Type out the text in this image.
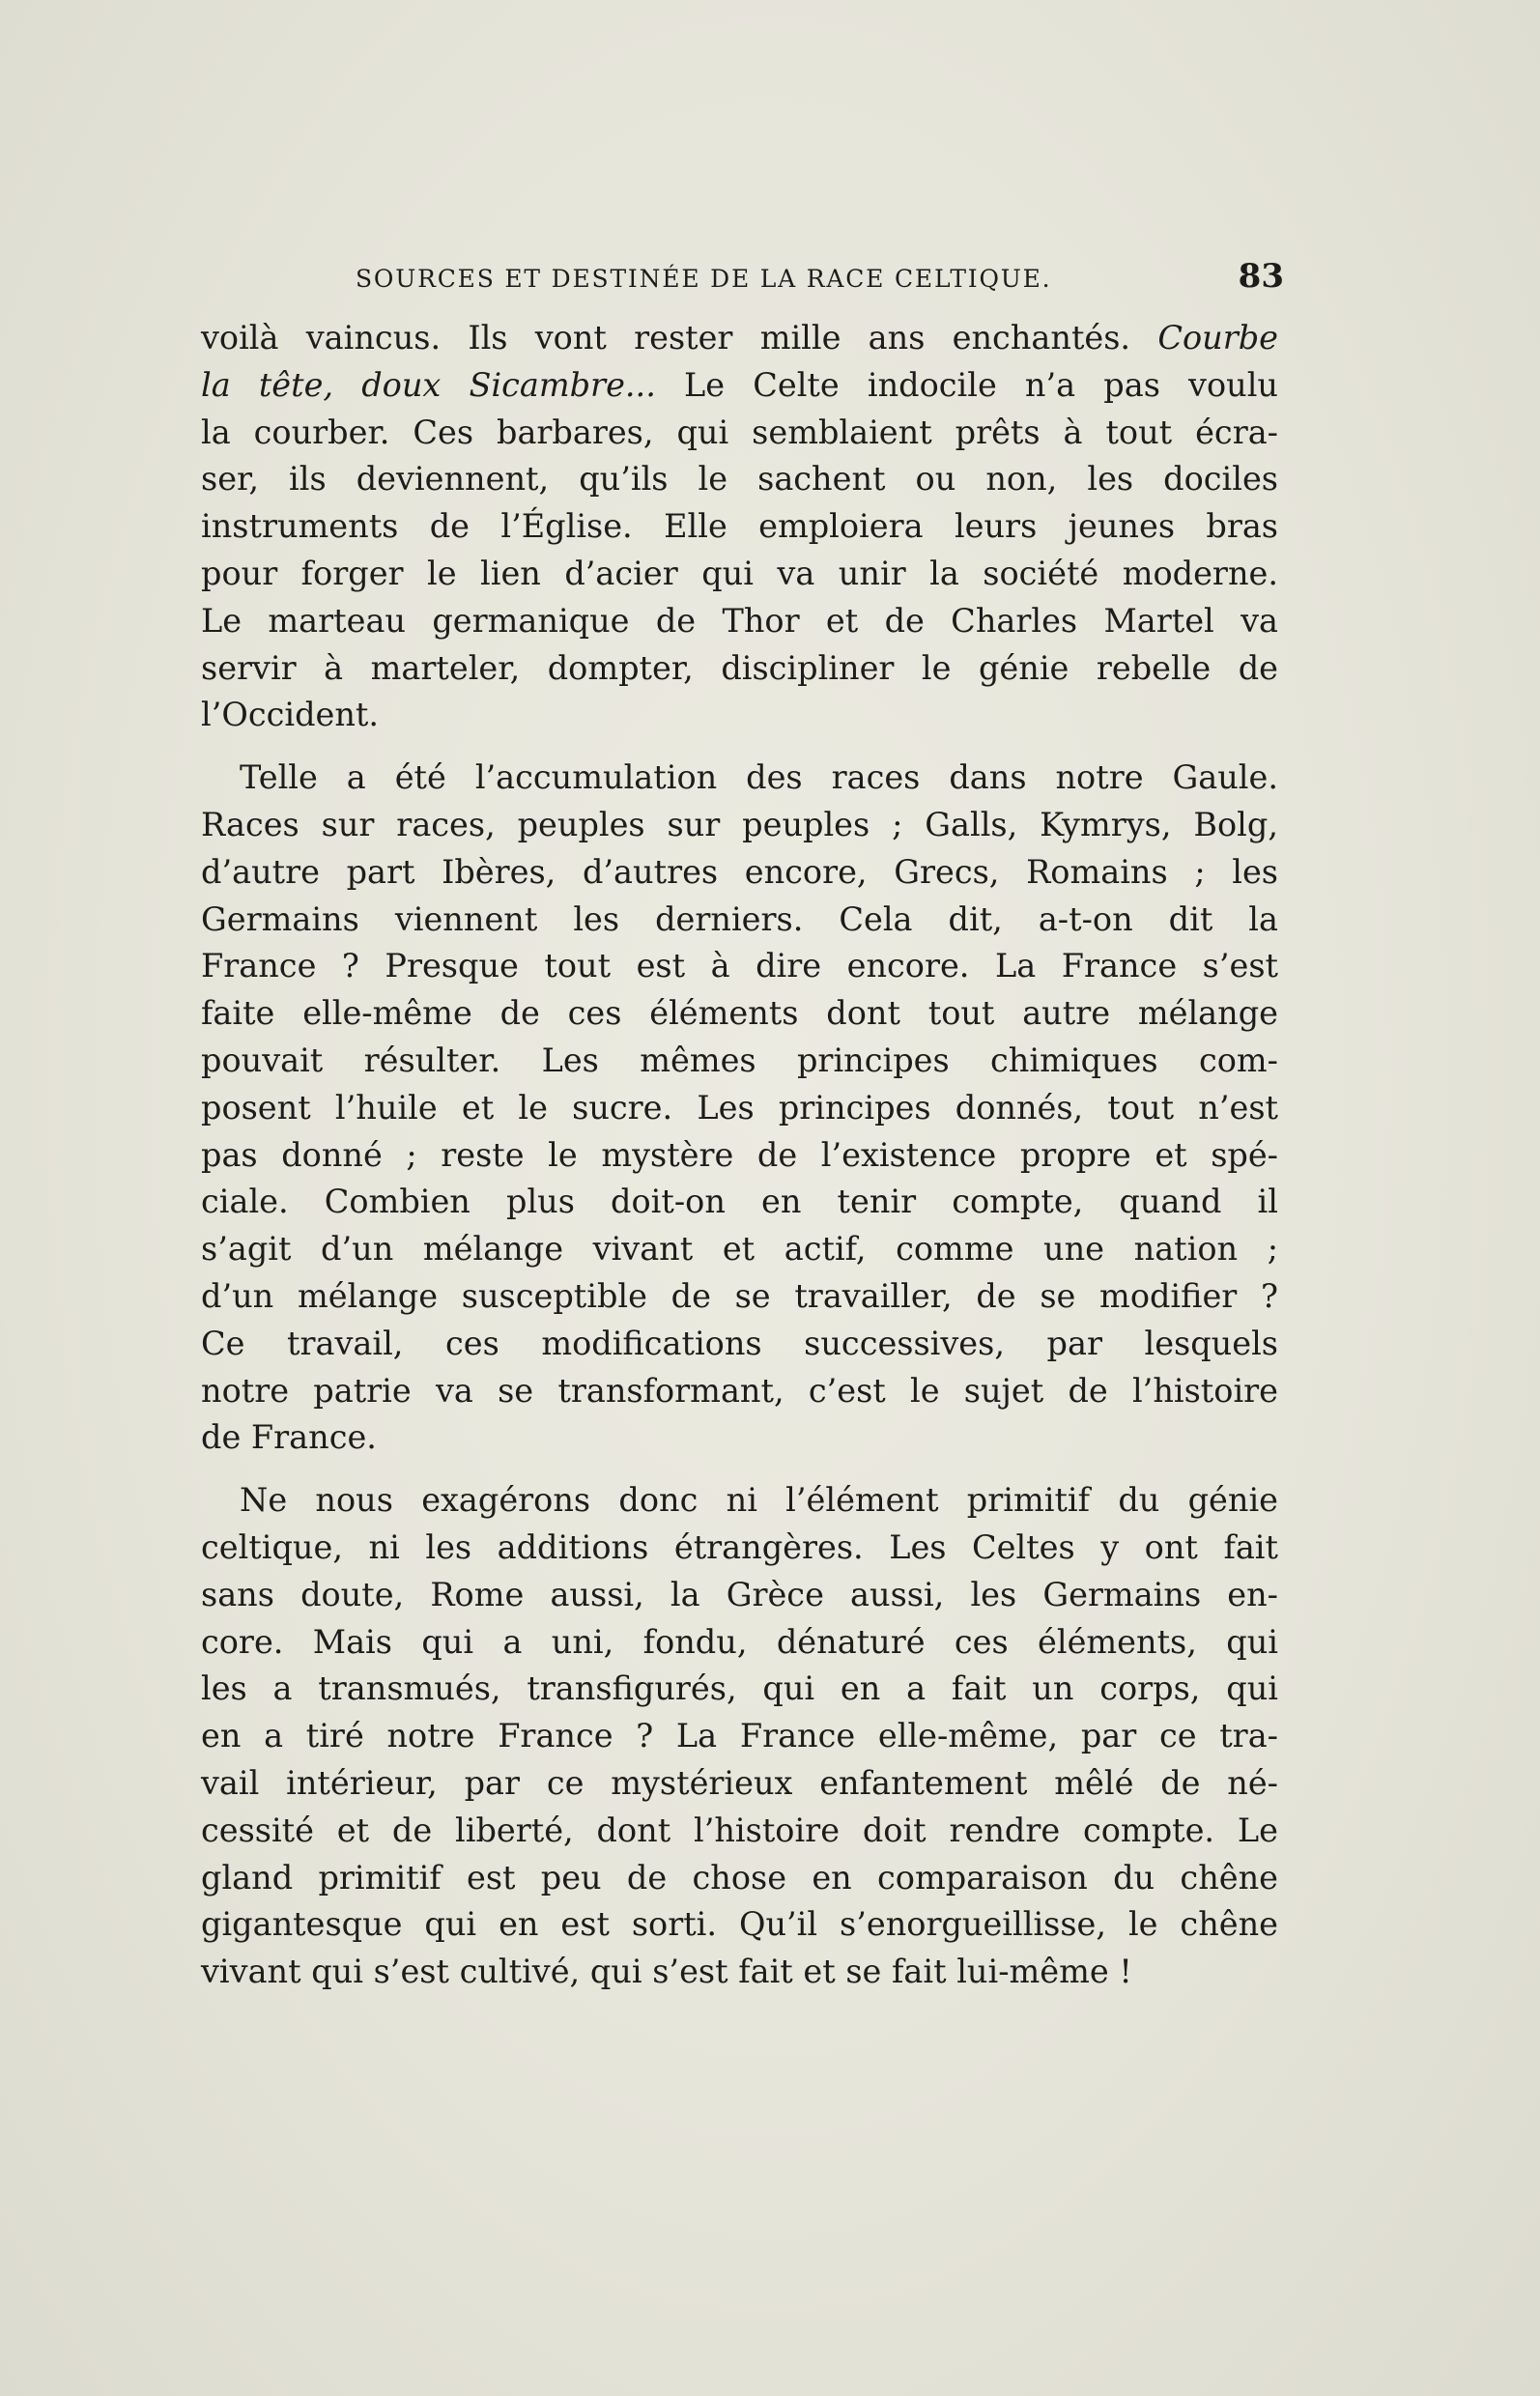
SOURCES ET DESTINÉE DE LA RACE CELTIQUE.	83
voilà vaincus. Ils vont rester mille ans enchantés. Courbe
la tête, doux Sicambre... Le Celte indocile n’a pas voulu
la courber. Ces barbares, qui semblaient prêts à tout écra-
ser, ils deviennent, qu’ils le sachent ou non, les dociles
instruments de l’Église. Elle emploiera leurs jeunes bras
pour forger le lien d’acier qui va unir la société moderne.
Le marteau germanique de Thor et de Charles Martel va
servir à marteler, dompter, discipliner le génie rebelle de
l’Occident.
Telle a été l’accumulation des races dans notre Gaule.
Races sur races, peuples sur peuples ; Galls, Kymrys, Bolg,
d’autre part Ibères, d’autres encore, Grecs, Romains ; les
Germains viennent les derniers. Cela dit, a-t-on dit la
France ? Presque tout est à dire encore. La France s’est
faite elle-même de ces éléments dont tout autre mélange
pouvait résulter. Les mêmes principes chimiques com-
posent l’huile et le sucre. Les principes donnés, tout n’est
pas donné ; reste le mystère de l’existence propre et spé-
ciale. Combien plus doit-on en tenir compte, quand il
s’agit d’un mélange vivant et actif, comme une nation ;
d’un mélange susceptible de se travailler, de se modifier ?
Ce travail, ces modifications successives, par lesquels
notre patrie va se transformant, c’est le sujet de l’histoire
de France.
Ne nous exagérons donc ni l’élément primitif du génie
celtique, ni les additions étrangères. Les Celtes y ont fait
sans doute, Rome aussi, la Grèce aussi, les Germains en-
core. Mais qui a uni, fondu, dénaturé ces éléments, qui
les a transmués, transfigurés, qui en a fait un corps, qui
en a tiré notre France ? La France elle-même, par ce tra-
vail intérieur, par ce mystérieux enfantement mêlé de né-
cessité et de liberté, dont l’histoire doit rendre compte. Le
gland primitif est peu de chose en comparaison du chêne
gigantesque qui en est sorti. Qu’il s’enorgueillisse, le chêne
vivant qui s’est cultivé, qui s’est fait et se fait lui-même !
